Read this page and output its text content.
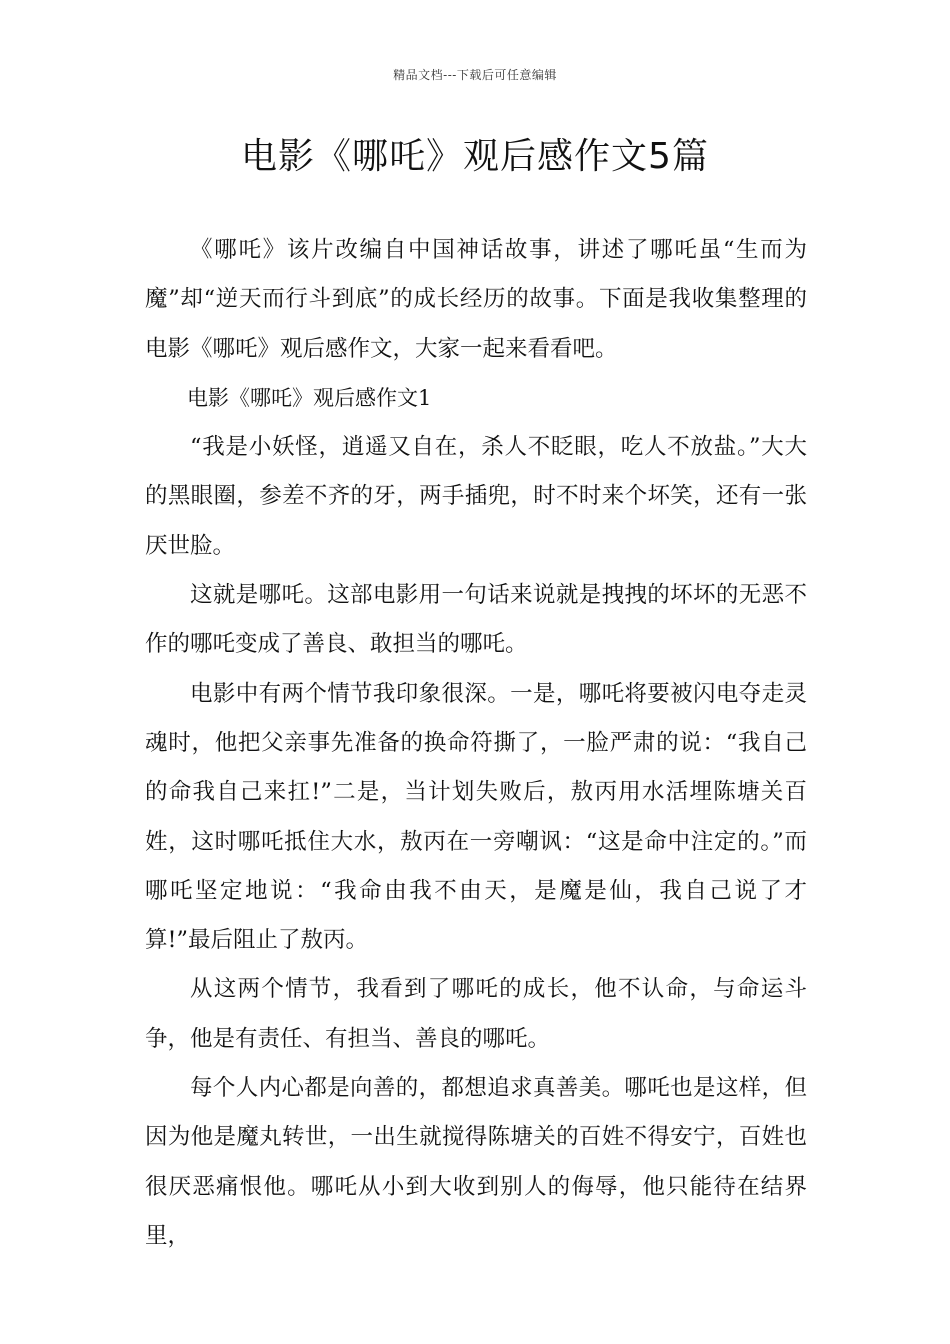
精品文档---下载后可任意编辑
电影《哪吒》观后感作文5篇

《哪吒》该片改编自中国神话故事，讲述了哪吒虽“生而为魔”却“逆天而行斗到底”的成长经历的故事。下面是我收集整理的电影《哪吒》观后感作文，大家一起来看看吧。

电影《哪吒》观后感作文1

“我是小妖怪，逍遥又自在，杀人不眨眼，吃人不放盐。”大大的黑眼圈，参差不齐的牙，两手插兜，时不时来个坏笑，还有一张厌世脸。

这就是哪吒。这部电影用一句话来说就是拽拽的坏坏的无恶不作的哪吒变成了善良、敢担当的哪吒。

电影中有两个情节我印象很深。一是，哪吒将要被闪电夺走灵魂时，他把父亲事先准备的换命符撕了，一脸严肃的说：“我自己的命我自己来扛!”二是，当计划失败后，敖丙用水活埋陈塘关百姓，这时哪吒抵住大水，敖丙在一旁嘲讽：“这是命中注定的。”而哪吒坚定地说：“我命由我不由天，是魔是仙，我自己说了才算!”最后阻止了敖丙。

从这两个情节，我看到了哪吒的成长，他不认命，与命运斗争，他是有责任、有担当、善良的哪吒。

每个人内心都是向善的，都想追求真善美。哪吒也是这样，但因为他是魔丸转世，一出生就搅得陈塘关的百姓不得安宁，百姓也很厌恶痛恨他。哪吒从小到大收到别人的侮辱，他只能待在结界里，
